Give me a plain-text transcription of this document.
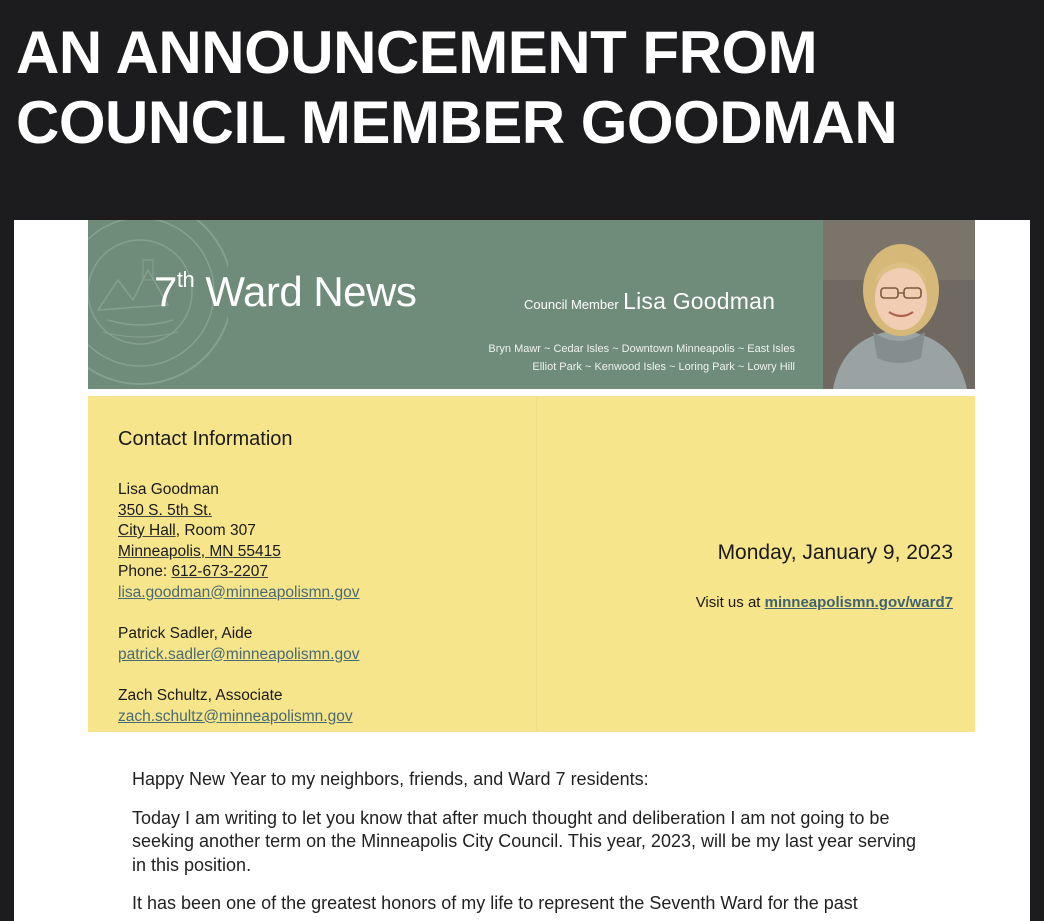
AN ANNOUNCEMENT FROM COUNCIL MEMBER GOODMAN
7th Ward News	Council Member Lisa Goodman
Bryn Mawr ~ Cedar Isles ~ Downtown Minneapolis ~ East Isles
Elliot Park ~ Kenwood Isles ~ Loring Park ~ Lowry Hill
Contact Information
Lisa Goodman
350 S. 5th St.
City Hall, Room 307
Minneapolis, MN 55415
Phone: 612-673-2207
lisa.goodman@minneapolismn.gov
Patrick Sadler, Aide
patrick.sadler@minneapolismn.gov
Zach Schultz, Associate
zach.schultz@minneapolismn.gov
Monday, January 9, 2023
Visit us at minneapolismn.gov/ward7

Happy New Year to my neighbors, friends, and Ward 7 residents:

Today I am writing to let you know that after much thought and deliberation I am not going to be seeking another term on the Minneapolis City Council. This year, 2023, will be my last year serving in this position.

It has been one of the greatest honors of my life to represent the Seventh Ward for the past
